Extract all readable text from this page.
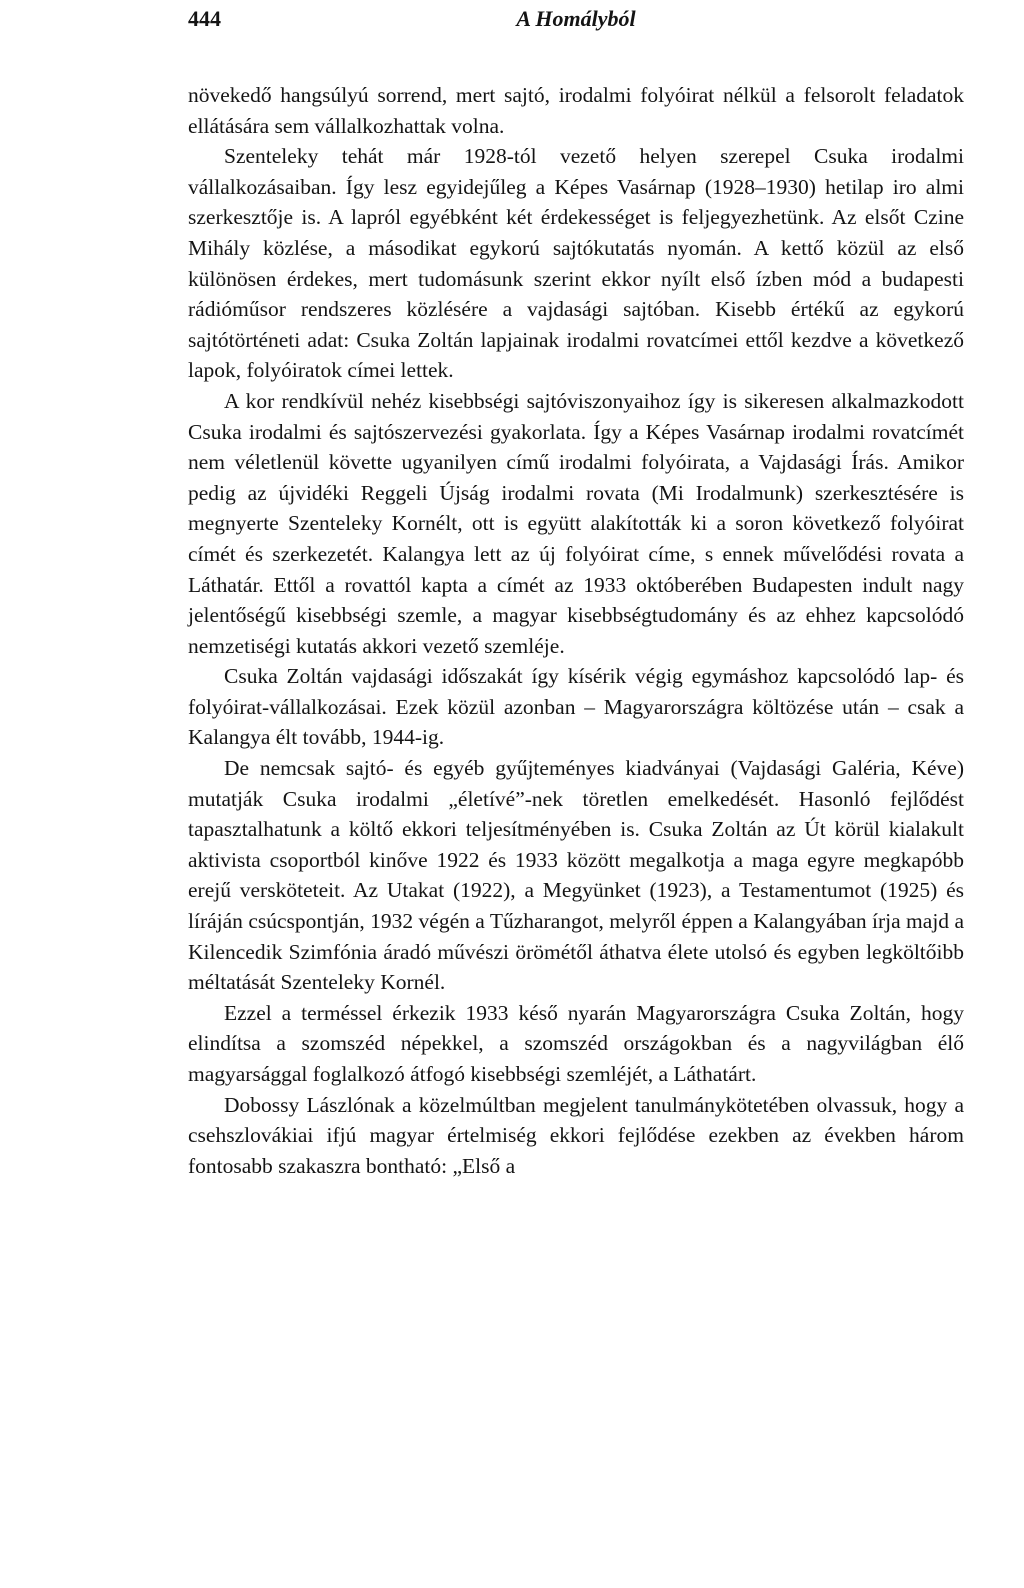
444	A Homályból

növekedő hangsúlyú sorrend, mert sajtó, irodalmi folyóirat nélkül a felsorolt feladatok ellátására sem vállalkozhattak volna.

Szenteleky tehát már 1928-tól vezető helyen szerepel Csuka irodalmi vállalkozásaiban. Így lesz egyidejűleg a Képes Vasárnap (1928–1930) hetilap iro almi szerkesztője is. A lapról egyébként két érdekességet is feljegyezhetünk. Az elsőt Czine Mihály közlése, a másodikat egykorú sajtókutatás nyomán. A kettő közül az első különösen érdekes, mert tudomásunk szerint ekkor nyílt első ízben mód a budapesti rádióműsor rendszeres közlésére a vajdasági sajtóban. Kisebb értékű az egykorú sajtótörténeti adat: Csuka Zoltán lapjainak irodalmi rovatcímei ettől kezdve a következő lapok, folyóiratok címei lettek.

A kor rendkívül nehéz kisebbségi sajtóviszonyaihoz így is sikeresen alkalmazkodott Csuka irodalmi és sajtószervezési gyakorlata. Így a Képes Vasárnap irodalmi rovatcímét nem véletlenül követte ugyanilyen című irodalmi folyóirata, a Vajdasági Írás. Amikor pedig az újvidéki Reggeli Újság irodalmi rovata (Mi Irodalmunk) szerkesztésére is megnyerte Szenteleky Kornélt, ott is együtt alakították ki a soron következő folyóirat címét és szerkezetét. Kalangya lett az új folyóirat címe, s ennek művelődési rovata a Láthatár. Ettől a rovattól kapta a címét az 1933 októberében Budapesten indult nagy jelentőségű kisebbségi szemle, a magyar kisebbségtudomány és az ehhez kapcsolódó nemzetiségi kutatás akkori vezető szemléje.

Csuka Zoltán vajdasági időszakát így kísérik végig egymáshoz kapcsolódó lap- és folyóirat-vállalkozásai. Ezek közül azonban – Magyarországra költözése után – csak a Kalangya élt tovább, 1944-ig.

De nemcsak sajtó- és egyéb gyűjteményes kiadványai (Vajdasági Galéria, Kéve) mutatják Csuka irodalmi „életívé”-nek töretlen emelkedését. Hasonló fejlődést tapasztalhatunk a költő ekkori teljesítményében is. Csuka Zoltán az Út körül kialakult aktivista csoportból kinőve 1922 és 1933 között megalkotja a maga egyre megkapóbb erejű versköteteit. Az Utakat (1922), a Megyünket (1923), a Testamentumot (1925) és líráján csúcspontján, 1932 végén a Tűzharangot, melyről éppen a Kalangyában írja majd a Kilencedik Szimfónia áradó művészi örömétől áthatva élete utolsó és egyben legköltőibb méltatását Szenteleky Kornél.

Ezzel a terméssel érkezik 1933 késő nyarán Magyarországra Csuka Zoltán, hogy elindítsa a szomszéd népekkel, a szomszéd országokban és a nagyvilágban élő magyarsággal foglalkozó átfogó kisebbségi szemléjét, a Láthatárt.

Dobossy Lászlónak a közelmúltban megjelent tanulmánykötetében olvassuk, hogy a csehszlovákiai ifjú magyar értelmiség ekkori fejlődése ezekben az években három fontosabb szakaszra bontható: „Első a
